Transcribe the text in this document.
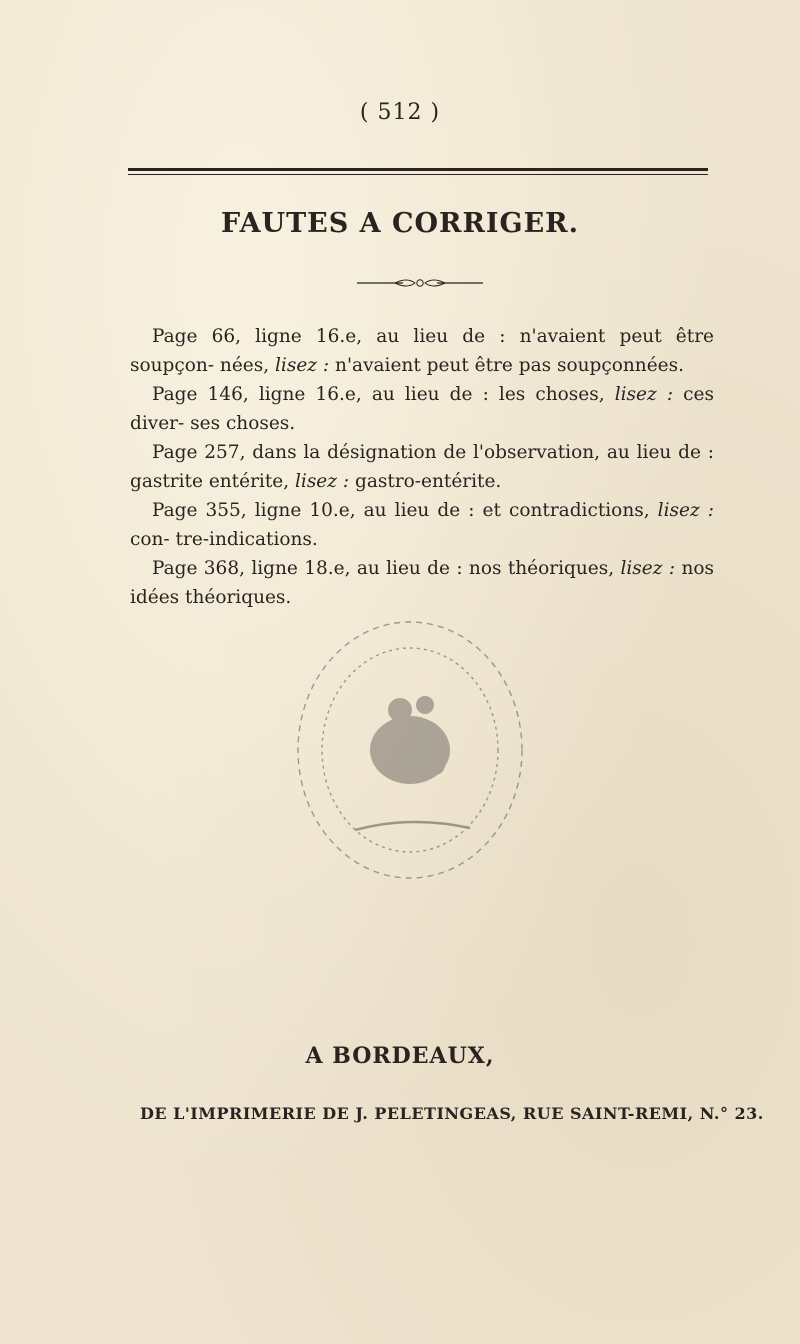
( 512 )
FAUTES A CORRIGER.

Page 66, ligne 16.e, au lieu de : n'avaient peut être soupçon- nées, lisez : n'avaient peut être pas soupçonnées.

Page 146, ligne 16.e, au lieu de : les choses, lisez : ces diver- ses choses.

Page 257, dans la désignation de l'observation, au lieu de : gastrite entérite, lisez : gastro-entérite.

Page 355, ligne 10.e, au lieu de : et contradictions, lisez : con- tre-indications.

Page 368, ligne 18.e, au lieu de : nos théoriques, lisez : nos idées théoriques.

A BORDEAUX,
DE L'IMPRIMERIE DE J. PELETINGEAS, RUE SAINT-REMI, N.° 23.
